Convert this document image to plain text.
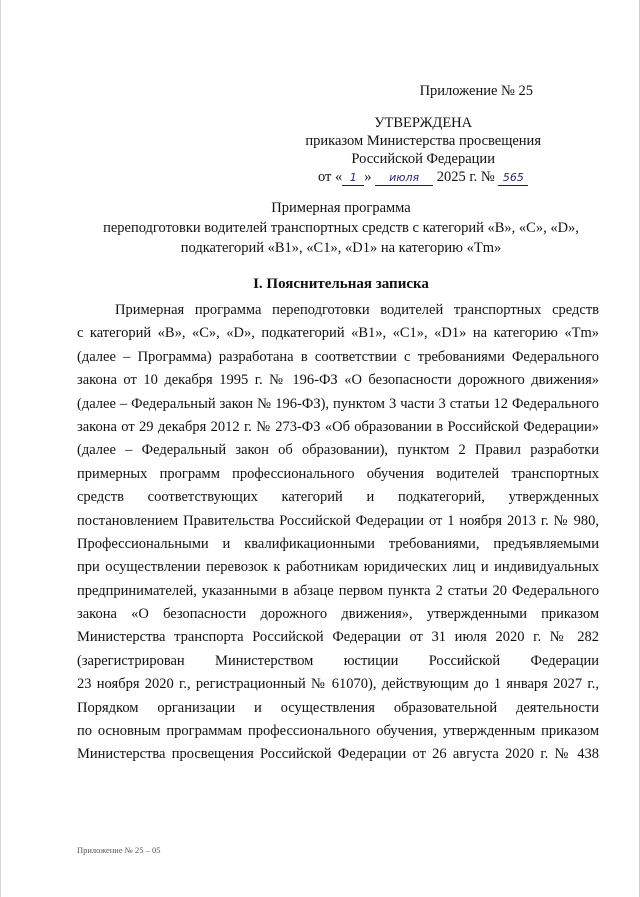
Приложение № 25
УТВЕРЖДЕНА
приказом Министерства просвещения
Российской Федерации
от « 1 » июля 2025 г. № 565
Примерная программа
переподготовки водителей транспортных средств с категорий «B», «C», «D»,
подкатегорий «B1», «C1», «D1» на категорию «Tm»
I. Пояснительная записка
Примерная программа переподготовки водителей транспортных средств
с категорий «B», «C», «D», подкатегорий «B1», «C1», «D1» на категорию «Tm»
(далее – Программа) разработана в соответствии с требованиями Федерального
закона от 10 декабря 1995 г. № 196-ФЗ «О безопасности дорожного движения»
(далее – Федеральный закон № 196-ФЗ), пунктом 3 части 3 статьи 12 Федерального
закона от 29 декабря 2012 г. № 273-ФЗ «Об образовании в Российской Федерации»
(далее – Федеральный закон об образовании), пунктом 2 Правил разработки
примерных программ профессионального обучения водителей транспортных
средств соответствующих категорий и подкатегорий, утвержденных
постановлением Правительства Российской Федерации от 1 ноября 2013 г. № 980,
Профессиональными и квалификационными требованиями, предъявляемыми
при осуществлении перевозок к работникам юридических лиц и индивидуальных
предпринимателей, указанными в абзаце первом пункта 2 статьи 20 Федерального
закона «О безопасности дорожного движения», утвержденными приказом
Министерства транспорта Российской Федерации от 31 июля 2020 г. № 282
(зарегистрирован Министерством юстиции Российской Федерации
23 ноября 2020 г., регистрационный № 61070), действующим до 1 января 2027 г.,
Порядком организации и осуществления образовательной деятельности
по основным программам профессионального обучения, утвержденным приказом
Министерства просвещения Российской Федерации от 26 августа 2020 г. № 438
Приложение № 25 – 05
